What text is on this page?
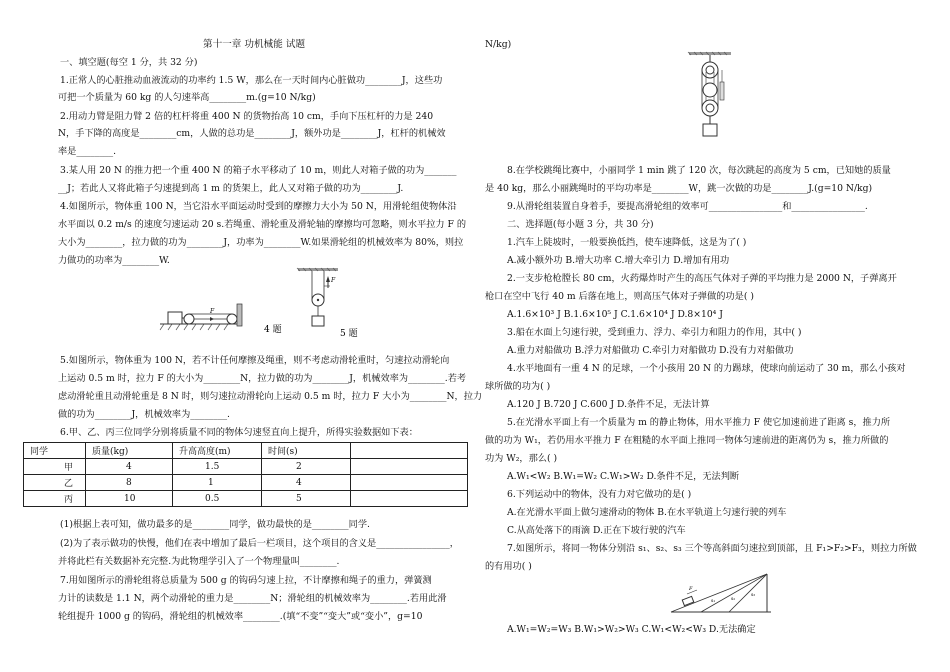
第十一章 功机械能 试题
一、填空题(每空 1 分，共 32 分)
1.正常人的心脏推动血液流动的功率约 1.5 W，那么在一天时间内心脏做功________J，这些功
可把一个质量为 60 kg 的人匀速举高________m.(g=10 N/kg)
2.用动力臂是阻力臂 2 倍的杠杆将重 400 N 的货物抬高 10 cm，手向下压杠杆的力是 240
N，手下降的高度是________cm，人做的总功是________J，额外功是________J，杠杆的机械效
率是________.
3.某人用 20 N 的推力把一个重 400 N 的箱子水平移动了 10 m，则此人对箱子做的功为_______
__J；若此人又将此箱子匀速提到高 1 m 的货架上，此人又对箱子做的功为________J.
4.如图所示，物体重 100 N，当它沿水平面运动时受到的摩擦力大小为 50 N，用滑轮组使物体沿
水平面以 0.2 m/s 的速度匀速运动 20 s.若绳重、滑轮重及滑轮轴的摩擦均可忽略，则水平拉力 F 的
大小为________，拉力做的功为________J，功率为________W.如果滑轮组的机械效率为 80%，则拉
力做功的功率为________W.
F
4 题
F
5 题
5.如图所示，物体重为 100 N，若不计任何摩擦及绳重，则不考虑动滑轮重时，匀速拉动滑轮向
上运动 0.5 m 时，拉力 F 的大小为________N，拉力做的功为________J，机械效率为________.若考
虑动滑轮重且动滑轮重是 8 N 时，则匀速拉动滑轮向上运动 0.5 m 时，拉力 F 大小为________N，拉力
做的功为________J，机械效率为________.
6.甲、乙、丙三位同学分别将质量不同的物体匀速竖直向上提升，所得实验数据如下表：
同学	质量(kg)	升高高度(m)	时间(s)	
甲	4	1.5	2	
乙	8	1	4	
丙	10	0.5	5	
(1)根据上表可知，做功最多的是________同学，做功最快的是________同学.
(2)为了表示做功的快慢，他们在表中增加了最后一栏项目，这个项目的含义是________________，
并将此栏有关数据补充完整.为此物理学引入了一个物理量叫________.
7.用如图所示的滑轮组将总质量为 500 g 的钩码匀速上拉，不计摩擦和绳子的重力，弹簧测
力计的读数是 1.1 N，两个动滑轮的重力是________N；滑轮组的机械效率为________.若用此滑
轮组提升 1000 g 的钩码，滑轮组的机械效率________.(填“不变”“变大”或“变小”，g=10
N/kg)
8.在学校跳绳比赛中，小丽同学 1 min 跳了 120 次，每次跳起的高度为 5 cm，已知她的质量
是 40 kg，那么小丽跳绳时的平均功率是________W，跳一次做的功是________J.(g=10 N/kg)
9.从滑轮组装置自身着手，要提高滑轮组的效率可________________和________________.
二、选择题(每小题 3 分，共 30 分)
1.汽车上陡坡时，一般要换低挡，使车速降低，这是为了( )
A.减小额外功 B.增大功率 C.增大牵引力 D.增加有用功
2.一支步枪枪膛长 80 cm，火药爆炸时产生的高压气体对子弹的平均推力是 2000 N，子弹离开
枪口在空中飞行 40 m 后落在地上，则高压气体对子弹做的功是( )
A.1.6×10³ J B.1.6×10⁵ J C.1.6×10⁴ J D.8×10⁴ J
3.船在水面上匀速行驶，受到重力、浮力、牵引力和阻力的作用，其中( )
A.重力对船做功 B.浮力对船做功 C.牵引力对船做功 D.没有力对船做功
4.水平地面有一重 4 N 的足球，一个小孩用 20 N 的力踢球，使球向前运动了 30 m，那么小孩对
球所做的功为( )
A.120 J B.720 J C.600 J D.条件不足，无法计算
5.在光滑水平面上有一个质量为 m 的静止物体，用水平推力 F 使它加速前进了距离 s，推力所
做的功为 W₁，若仍用水平推力 F 在粗糙的水平面上推同一物体匀速前进的距离仍为 s，推力所做的
功为 W₂，那么( )
A.W₁<W₂ B.W₁=W₂ C.W₁>W₂ D.条件不足，无法判断
6.下列运动中的物体，没有力对它做功的是( )
A.在光滑水平面上做匀速滑动的物体 B.在水平轨道上匀速行驶的列车
C.从高处落下的雨滴 D.正在下坡行驶的汽车
7.如图所示，将同一物体分别沿 s₁、s₂、s₃ 三个等高斜面匀速拉到顶部，且 F₁>F₂>F₃，则拉力所做
的有用功( )
F
s₁	s₂
s₃
A.W₁=W₂=W₃ B.W₁>W₂>W₃ C.W₁<W₂<W₃ D.无法确定
